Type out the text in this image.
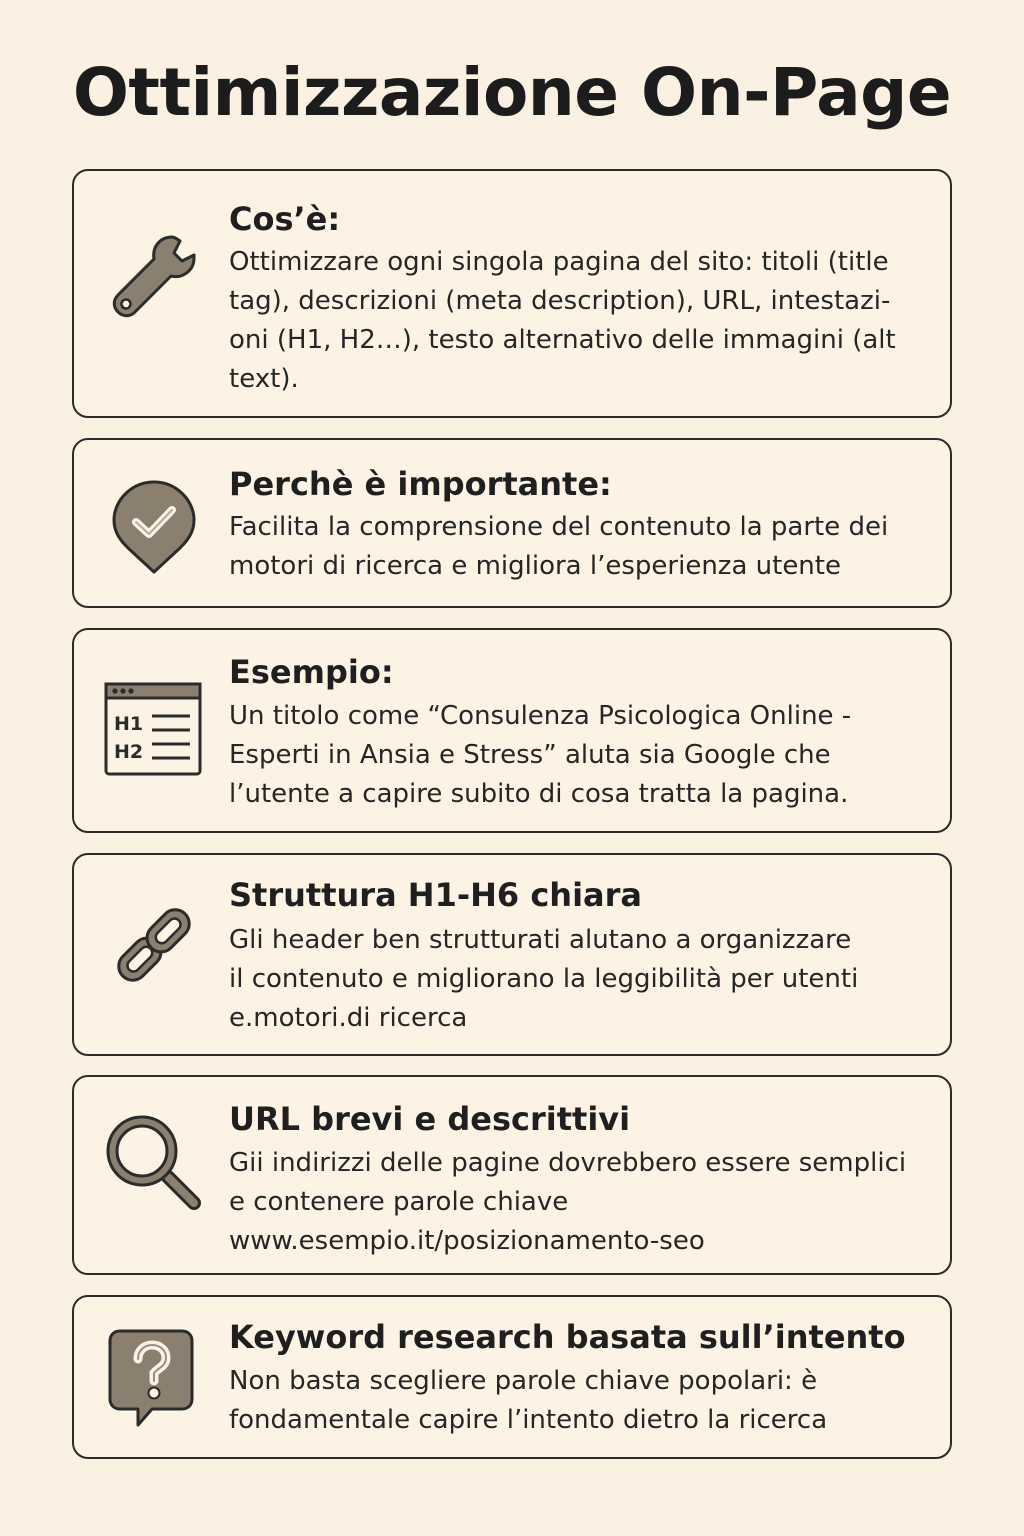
Ottimizzazione On-Page
Cos’è:
Ottimizzare ogni singola pagina del sito: titoli (title
tag), descrizioni (meta description), URL, intestazi-
oni (H1, H2…), testo alternativo delle immagini (alt
text).
Perchè è importante:
Facilita la comprensione del contenuto la parte dei
motori di ricerca e migliora l’esperienza utente
H1
H2
Esempio:
Un titolo come “Consulenza Psicologica Online -
Esperti in Ansia e Stress” aluta sia Google che
l’utente a capire subito di cosa tratta la pagina.
Struttura H1-H6 chiara
Gli header ben strutturati alutano a organizzare
il contenuto e migliorano la leggibilità per utenti
e.motori.di ricerca
URL brevi e descrittivi
Gii indirizzi delle pagine dovrebbero essere semplici
e contenere parole chiave
www.esempio.it/posizionamento-seo
Keyword research basata sull’intento
Non basta scegliere parole chiave popolari: è
fondamentale capire l’intento dietro la ricerca
